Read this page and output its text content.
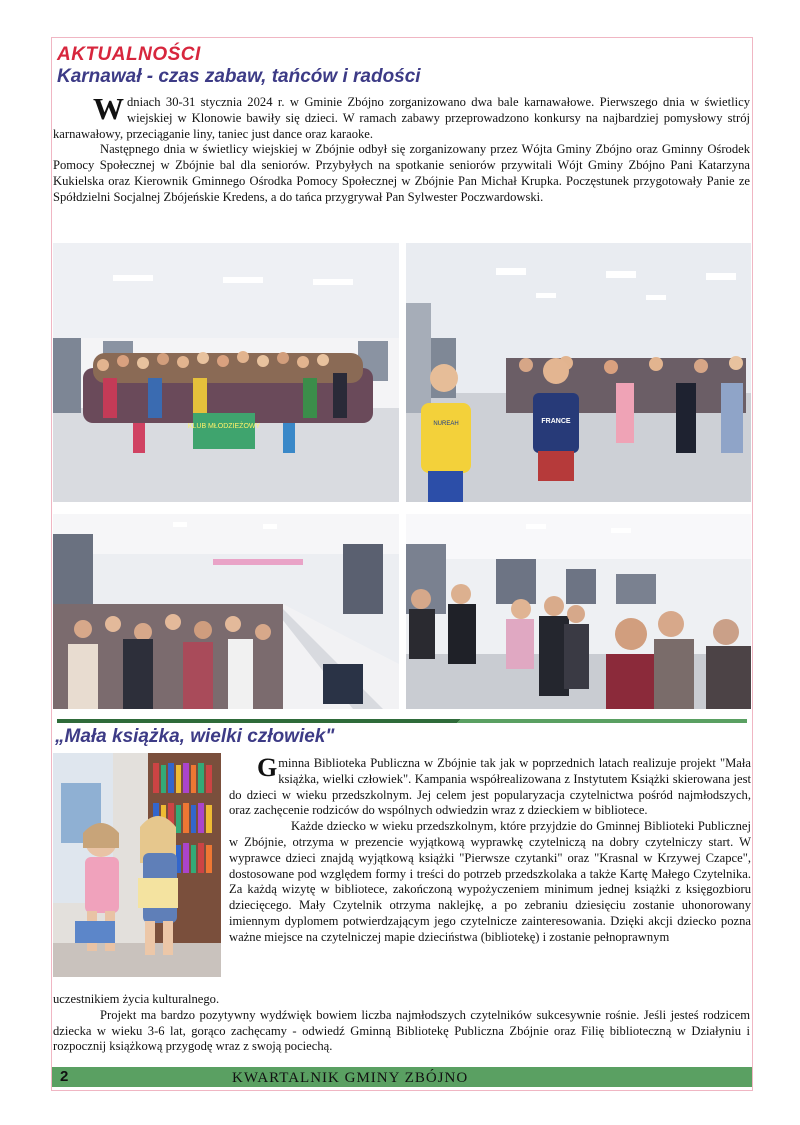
AKTUALNOŚCI
Karnawał - czas zabaw, tańców i radości

Wdniach 30-31 stycznia 2024 r. w Gminie Zbójno zorganizowano dwa bale karnawałowe. Pierwszego dnia w świetlicy wiejskiej w Klonowie bawiły się dzieci. W ramach zabawy przeprowadzono konkursy na najbardziej pomysłowy strój karnawałowy, przeciąganie liny, taniec just dance oraz karaoke.

Następnego dnia w świetlicy wiejskiej w Zbójnie odbył się zorganizowany przez Wójta Gminy Zbójno oraz Gminny Ośrodek Pomocy Społecznej w Zbójnie bal dla seniorów. Przybyłych na spotkanie seniorów przywitali Wójt Gminy Zbójno Pani Katarzyna Kukielska oraz Kierownik Gminnego Ośrodka Pomocy Społecznej w Zbójnie Pan Michał Krupka. Poczęstunek przygotowały Panie ze Spółdzielni Socjalnej Zbójeńskie Kredens, a do tańca przygrywał Pan Sylwester Poczwardowski.

KLUB MŁODZIEŻOWY	NUREAH	FRANCE
„Mała książka, wielki człowiek"

Gminna Biblioteka Publiczna w Zbójnie tak jak w poprzednich latach realizuje projekt "Mała książka, wielki człowiek". Kampania współrealizowana z Instytutem Książki skierowana jest do dzieci w wieku przedszkolnym. Jej celem jest popularyzacja czytelnictwa pośród najmłodszych, oraz zachęcenie rodziców do wspólnych odwiedzin wraz z dzieckiem w bibliotece.

Każde dziecko w wieku przedszkolnym, które przyjdzie do Gminnej Biblioteki Publicznej w Zbójnie, otrzyma w prezencie wyjątkową wyprawkę czytelniczą na dobry czytelniczy start. W wyprawce dzieci znajdą wyjątkową książki "Pierwsze czytanki" oraz "Krasnal w Krzywej Czapce", dostosowane pod względem formy i treści do potrzeb przedszkolaka a także Kartę Małego Czytelnika. Za każdą wizytę w bibliotece, zakończoną wypożyczeniem minimum jednej książki z księgozbioru dziecięcego. Mały Czytelnik otrzyma naklejkę, a po zebraniu dziesięciu zostanie uhonorowany imiennym dyplomem potwierdzającym jego czytelnicze zainteresowania. Dzięki akcji dziecko pozna ważne miejsce na czytelniczej mapie dzieciństwa (bibliotekę) i zostanie pełnoprawnym

uczestnikiem życia kulturalnego.

Projekt ma bardzo pozytywny wydźwięk bowiem liczba najmłodszych czytelników sukcesywnie rośnie. Jeśli jesteś rodzicem dziecka w wieku 3-6 lat, gorąco zachęcamy - odwiedź Gminną Bibliotekę Publiczna Zbójnie oraz Filię biblioteczną w Działyniu i rozpocznij książkową przygodę wraz z swoją pociechą.

2	KWARTALNIK GMINY ZBÓJNO
